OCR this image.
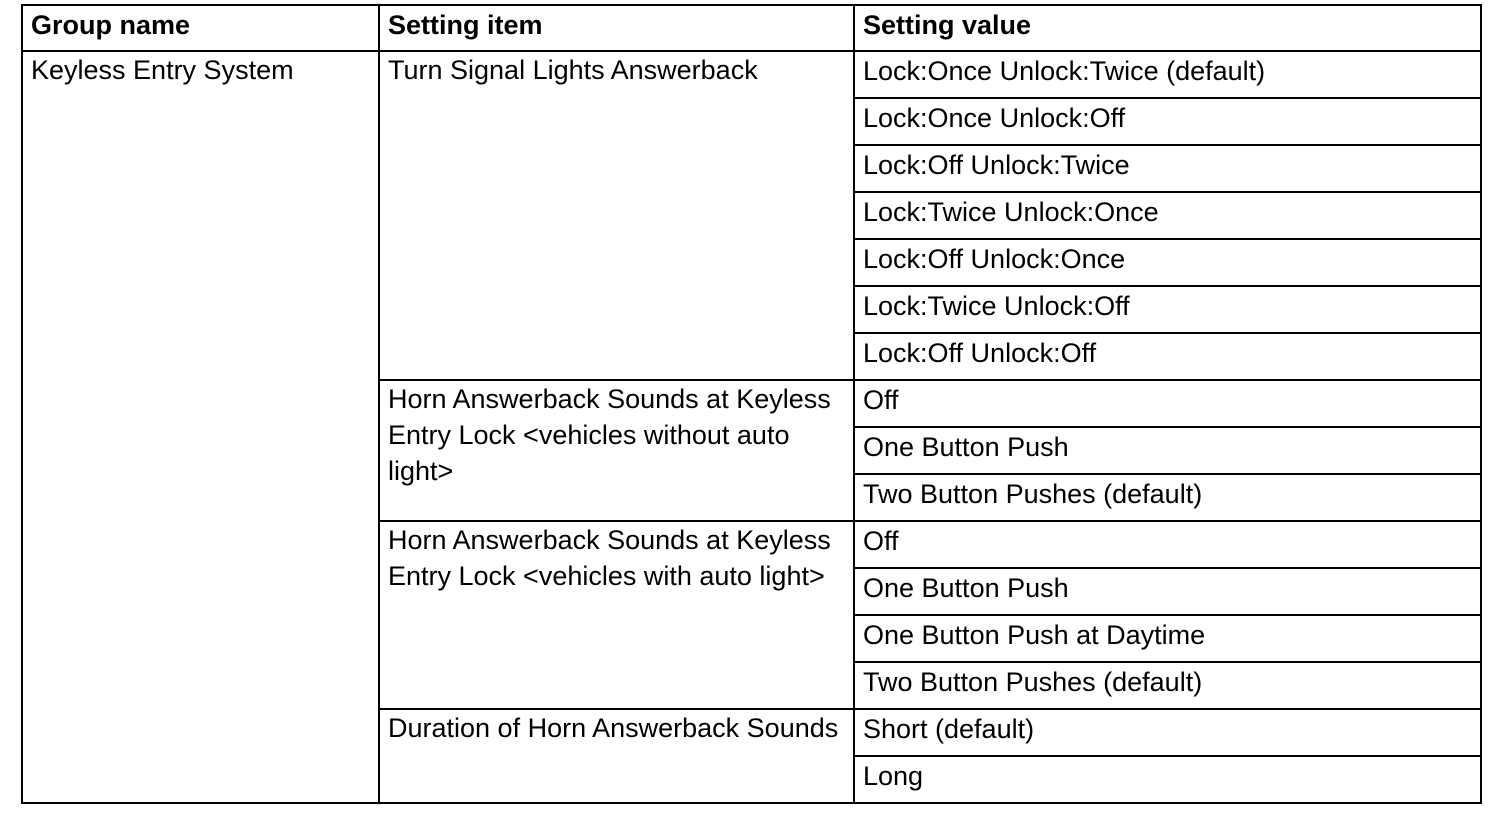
Group name	Setting item	Setting value
Keyless Entry System	Turn Signal Lights Answerback	Lock:Once Unlock:Twice (default)
		Lock:Once Unlock:Off
		Lock:Off Unlock:Twice
		Lock:Twice Unlock:Once
		Lock:Off Unlock:Once
		Lock:Twice Unlock:Off
		Lock:Off Unlock:Off
	Horn Answerback Sounds at Keyless Entry Lock <vehicles without auto light>	Off
		One Button Push
		Two Button Pushes (default)
	Horn Answerback Sounds at Keyless Entry Lock <vehicles with auto light>	Off
		One Button Push
		One Button Push at Daytime
		Two Button Pushes (default)
	Duration of Horn Answerback Sounds	Short (default)
		Long
